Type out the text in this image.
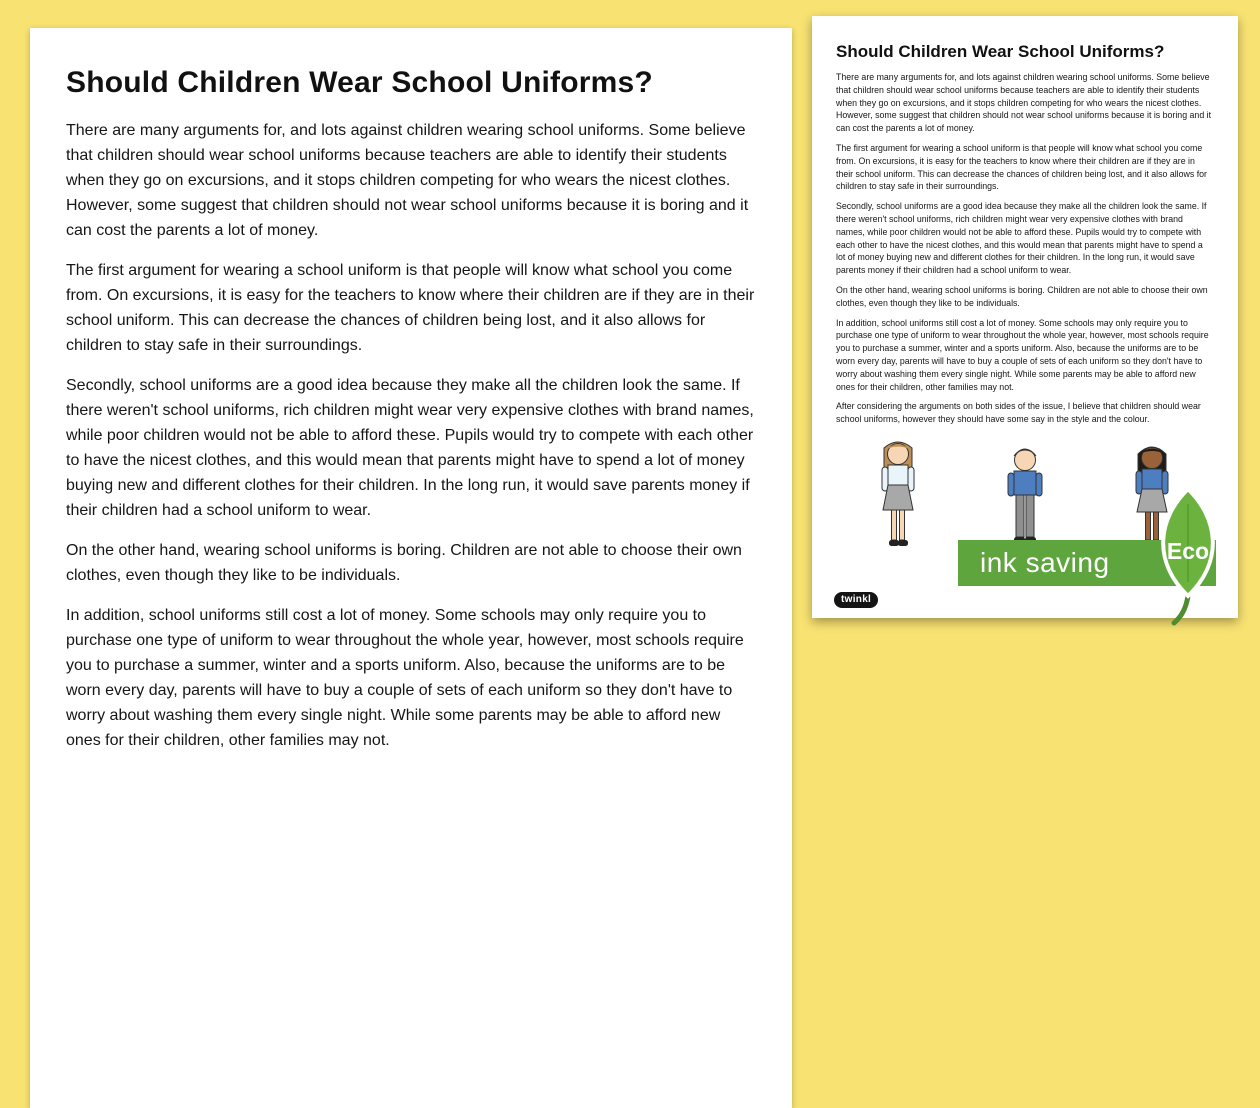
Should Children Wear School Uniforms?

There are many arguments for, and lots against children wearing school uniforms. Some believe that children should wear school uniforms because teachers are able to identify their students when they go on excursions, and it stops children competing for who wears the nicest clothes. However, some suggest that children should not wear school uniforms because it is boring and it can cost the parents a lot of money.

The first argument for wearing a school uniform is that people will know what school you come from. On excursions, it is easy for the teachers to know where their children are if they are in their school uniform. This can decrease the chances of children being lost, and it also allows for children to stay safe in their surroundings.

Secondly, school uniforms are a good idea because they make all the children look the same. If there weren't school uniforms, rich children might wear very expensive clothes with brand names, while poor children would not be able to afford these. Pupils would try to compete with each other to have the nicest clothes, and this would mean that parents might have to spend a lot of money buying new and different clothes for their children. In the long run, it would save parents money if their children had a school uniform to wear.

On the other hand, wearing school uniforms is boring. Children are not able to choose their own clothes, even though they like to be individuals.

In addition, school uniforms still cost a lot of money. Some schools may only require you to purchase one type of uniform to wear throughout the whole year, however, most schools require you to purchase a summer, winter and a sports uniform. Also, because the uniforms are to be worn every day, parents will have to buy a couple of sets of each uniform so they don't have to worry about washing them every single night. While some parents may be able to afford new ones for their children, other families may not.

Should Children Wear School Uniforms?

There are many arguments for, and lots against children wearing school uniforms. Some believe that children should wear school uniforms because teachers are able to identify their students when they go on excursions, and it stops children competing for who wears the nicest clothes. However, some suggest that children should not wear school uniforms because it is boring and it can cost the parents a lot of money.

The first argument for wearing a school uniform is that people will know what school you come from. On excursions, it is easy for the teachers to know where their children are if they are in their school uniform. This can decrease the chances of children being lost, and it also allows for children to stay safe in their surroundings.

Secondly, school uniforms are a good idea because they make all the children look the same. If there weren't school uniforms, rich children might wear very expensive clothes with brand names, while poor children would not be able to afford these. Pupils would try to compete with each other to have the nicest clothes, and this would mean that parents might have to spend a lot of money buying new and different clothes for their children. In the long run, it would save parents money if their children had a school uniform to wear.

On the other hand, wearing school uniforms is boring. Children are not able to choose their own clothes, even though they like to be individuals.

In addition, school uniforms still cost a lot of money. Some schools may only require you to purchase one type of uniform to wear throughout the whole year, however, most schools require you to purchase a summer, winter and a sports uniform. Also, because the uniforms are to be worn every day, parents will have to buy a couple of sets of each uniform so they don't have to worry about washing them every single night. While some parents may be able to afford new ones for their children, other families may not.

After considering the arguments on both sides of the issue, I believe that children should wear school uniforms, however they should have some say in the style and the colour.

twinkl
ink saving	Eco
